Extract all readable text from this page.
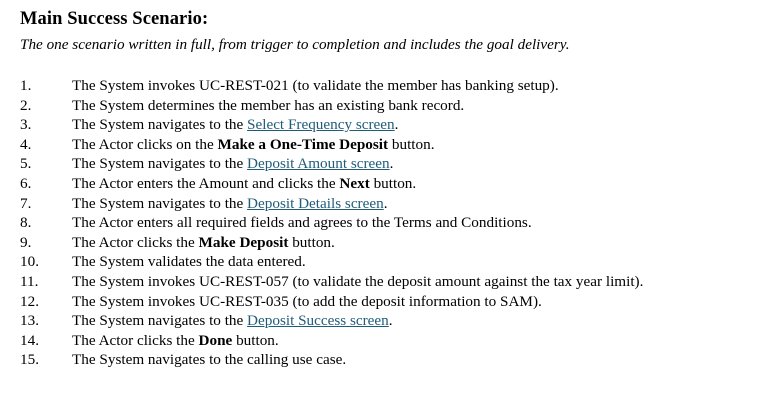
Main Success Scenario:
The one scenario written in full, from trigger to completion and includes the goal delivery.
1.	The System invokes UC-REST-021 (to validate the member has banking setup).
2.	The System determines the member has an existing bank record.
3.	The System navigates to the Select Frequency screen.
4.	The Actor clicks on the Make a One-Time Deposit button.
5.	The System navigates to the Deposit Amount screen.
6.	The Actor enters the Amount and clicks the Next button.
7.	The System navigates to the Deposit Details screen.
8.	The Actor enters all required fields and agrees to the Terms and Conditions.
9.	The Actor clicks the Make Deposit button.
10.	The System validates the data entered.
11.	The System invokes UC-REST-057 (to validate the deposit amount against the tax year limit).
12.	The System invokes UC-REST-035 (to add the deposit information to SAM).
13.	The System navigates to the Deposit Success screen.
14.	The Actor clicks the Done button.
15.	The System navigates to the calling use case.
